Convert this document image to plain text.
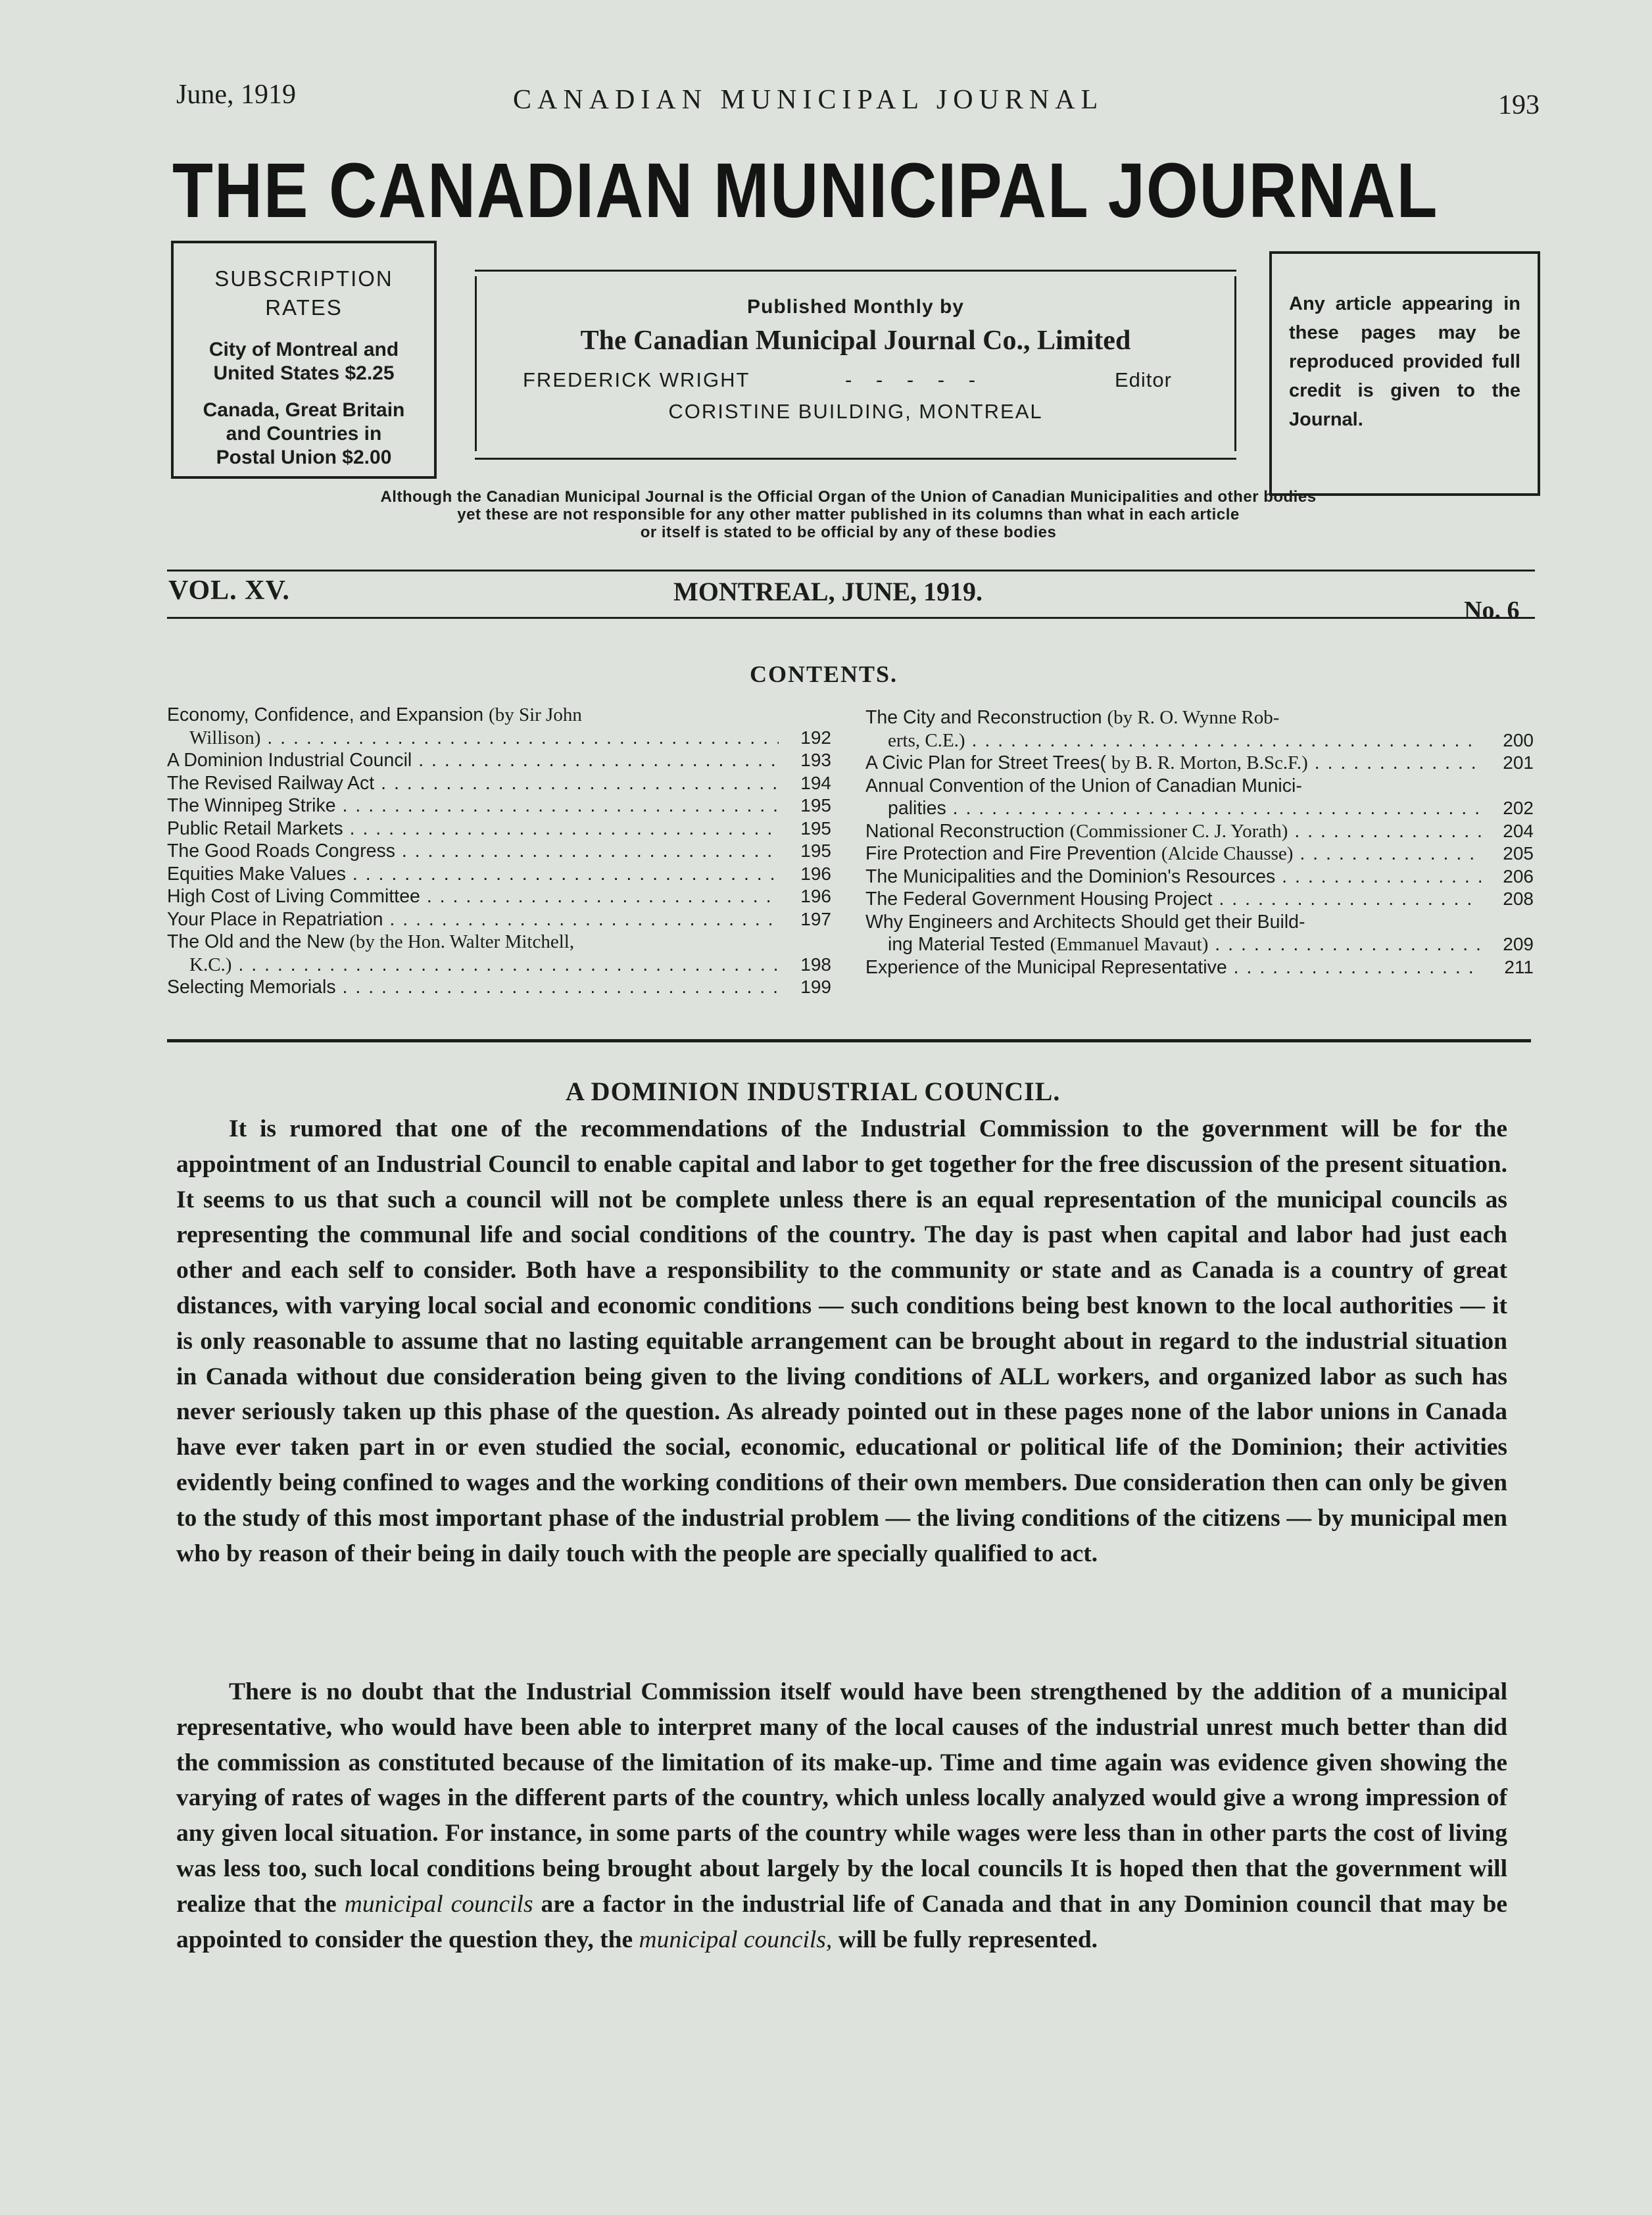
June, 1919	CANADIAN MUNICIPAL JOURNAL	193
THE CANADIAN MUNICIPAL JOURNAL
SUBSCRIPTION
RATES
City of Montreal and
United States $2.25
Canada, Great Britain
and Countries in
Postal Union $2.00
Published Monthly by
The Canadian Municipal Journal Co., Limited
FREDERICK WRIGHT	- - - - -	Editor
CORISTINE BUILDING, MONTREAL
Any article appearing in these pages may be reproduced provided full credit is given to the Journal.
Although the Canadian Municipal Journal is the Official Organ of the Union of Canadian Municipalities and other bodies
yet these are not responsible for any other matter published in its columns than what in each article
or itself is stated to be official by any of these bodies
VOL. XV.	MONTREAL, JUNE, 1919.
No. 6
CONTENTS.
Economy, Confidence, and Expansion (by Sir John
Willison) . . .	192
A Dominion Industrial Council . . .	193
The Revised Railway Act . . .	194
The Winnipeg Strike . . .	195
Public Retail Markets . . .	195
The Good Roads Congress . . .	195
Equities Make Values . . .	196
High Cost of Living Committee . . .	196
Your Place in Repatriation . . .	197
The Old and the New (by the Hon. Walter Mitchell,
K.C.) . . .	198
Selecting Memorials . . .	199
The City and Reconstruction (by R. O. Wynne Rob-
erts, C.E.) . . .	200
A Civic Plan for Street Trees( by B. R. Morton, B.Sc.F.) . . .	201
Annual Convention of the Union of Canadian Munici-
palities . . .	202
National Reconstruction (Commissioner C. J. Yorath) . . .	204
Fire Protection and Fire Prevention (Alcide Chausse) . . .	205
The Municipalities and the Dominion's Resources . . .	206
The Federal Government Housing Project . . .	208
Why Engineers and Architects Should get their Build-
ing Material Tested (Emmanuel Mavaut) . . .	209
Experience of the Municipal Representative . . .	211
A DOMINION INDUSTRIAL COUNCIL.
It is rumored that one of the recommendations of the Industrial Commission to the government will be for the appointment of an Industrial Council to enable capital and labor to get together for the free discussion of the present situation. It seems to us that such a council will not be complete unless there is an equal representation of the municipal councils as representing the communal life and social conditions of the country. The day is past when capital and labor had just each other and each self to consider. Both have a responsibility to the community or state and as Canada is a country of great distances, with varying local social and economic conditions — such conditions being best known to the local authorities — it is only reasonable to assume that no lasting equitable arrangement can be brought about in regard to the industrial situation in Canada without due consideration being given to the living conditions of ALL workers, and organized labor as such has never seriously taken up this phase of the question. As already pointed out in these pages none of the labor unions in Canada have ever taken part in or even studied the social, economic, educational or political life of the Dominion; their activities evidently being confined to wages and the working conditions of their own members. Due consideration then can only be given to the study of this most important phase of the industrial problem — the living conditions of the citizens — by municipal men who by reason of their being in daily touch with the people are specially qualified to act.
There is no doubt that the Industrial Commission itself would have been strengthened by the addition of a municipal representative, who would have been able to interpret many of the local causes of the industrial unrest much better than did the commission as constituted because of the limitation of its make-up. Time and time again was evidence given showing the varying of rates of wages in the different parts of the country, which unless locally analyzed would give a wrong impression of any given local situation. For instance, in some parts of the country while wages were less than in other parts the cost of living was less too, such local conditions being brought about largely by the local councils It is hoped then that the government will realize that the municipal councils are a factor in the industrial life of Canada and that in any Dominion council that may be appointed to consider the question they, the municipal councils, will be fully represented.
